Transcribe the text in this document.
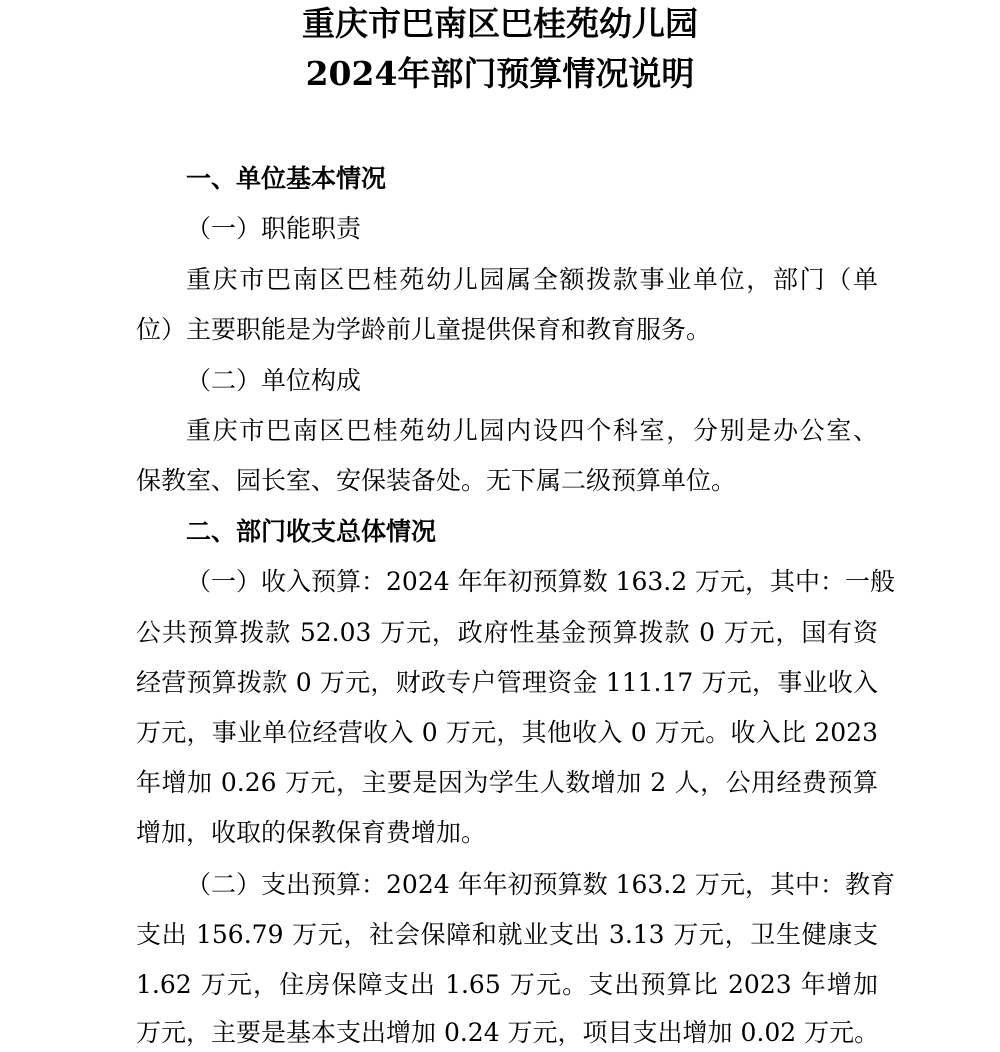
重庆市巴南区巴桂苑幼儿园
2024年部门预算情况说明
一、单位基本情况
（一）职能职责
重庆市巴南区巴桂苑幼儿园属全额拨款事业单位，部门（单
位）主要职能是为学龄前儿童提供保育和教育服务。
（二）单位构成
重庆市巴南区巴桂苑幼儿园内设四个科室，分别是办公室、
保教室、园长室、安保装备处。无下属二级预算单位。
二、部门收支总体情况
（一）收入预算： 2024 年年初预算数 163.2 万元，其中：一般
公共预算拨款 52.03 万元，政府性基金预算拨款 0 万元，国有资
经营预算拨款 0 万元，财政专户管理资金 111.17 万元，事业收入
万元，事业单位经营收入 0 万元，其他收入 0 万元。收入比 2023
年增加 0.26 万元，主要是因为学生人数增加 2 人，公用经费预算
增加，收取的保教保育费增加。
（二）支出预算： 2024 年年初预算数 163.2 万元，其中：教育
支出 156.79 万元，社会保障和就业支出 3.13 万元，卫生健康支
1.62 万元，住房保障支出 1.65 万元。支出预算比 2023 年增加
万元，主要是基本支出增加 0.24 万元，项目支出增加 0.02 万元。
